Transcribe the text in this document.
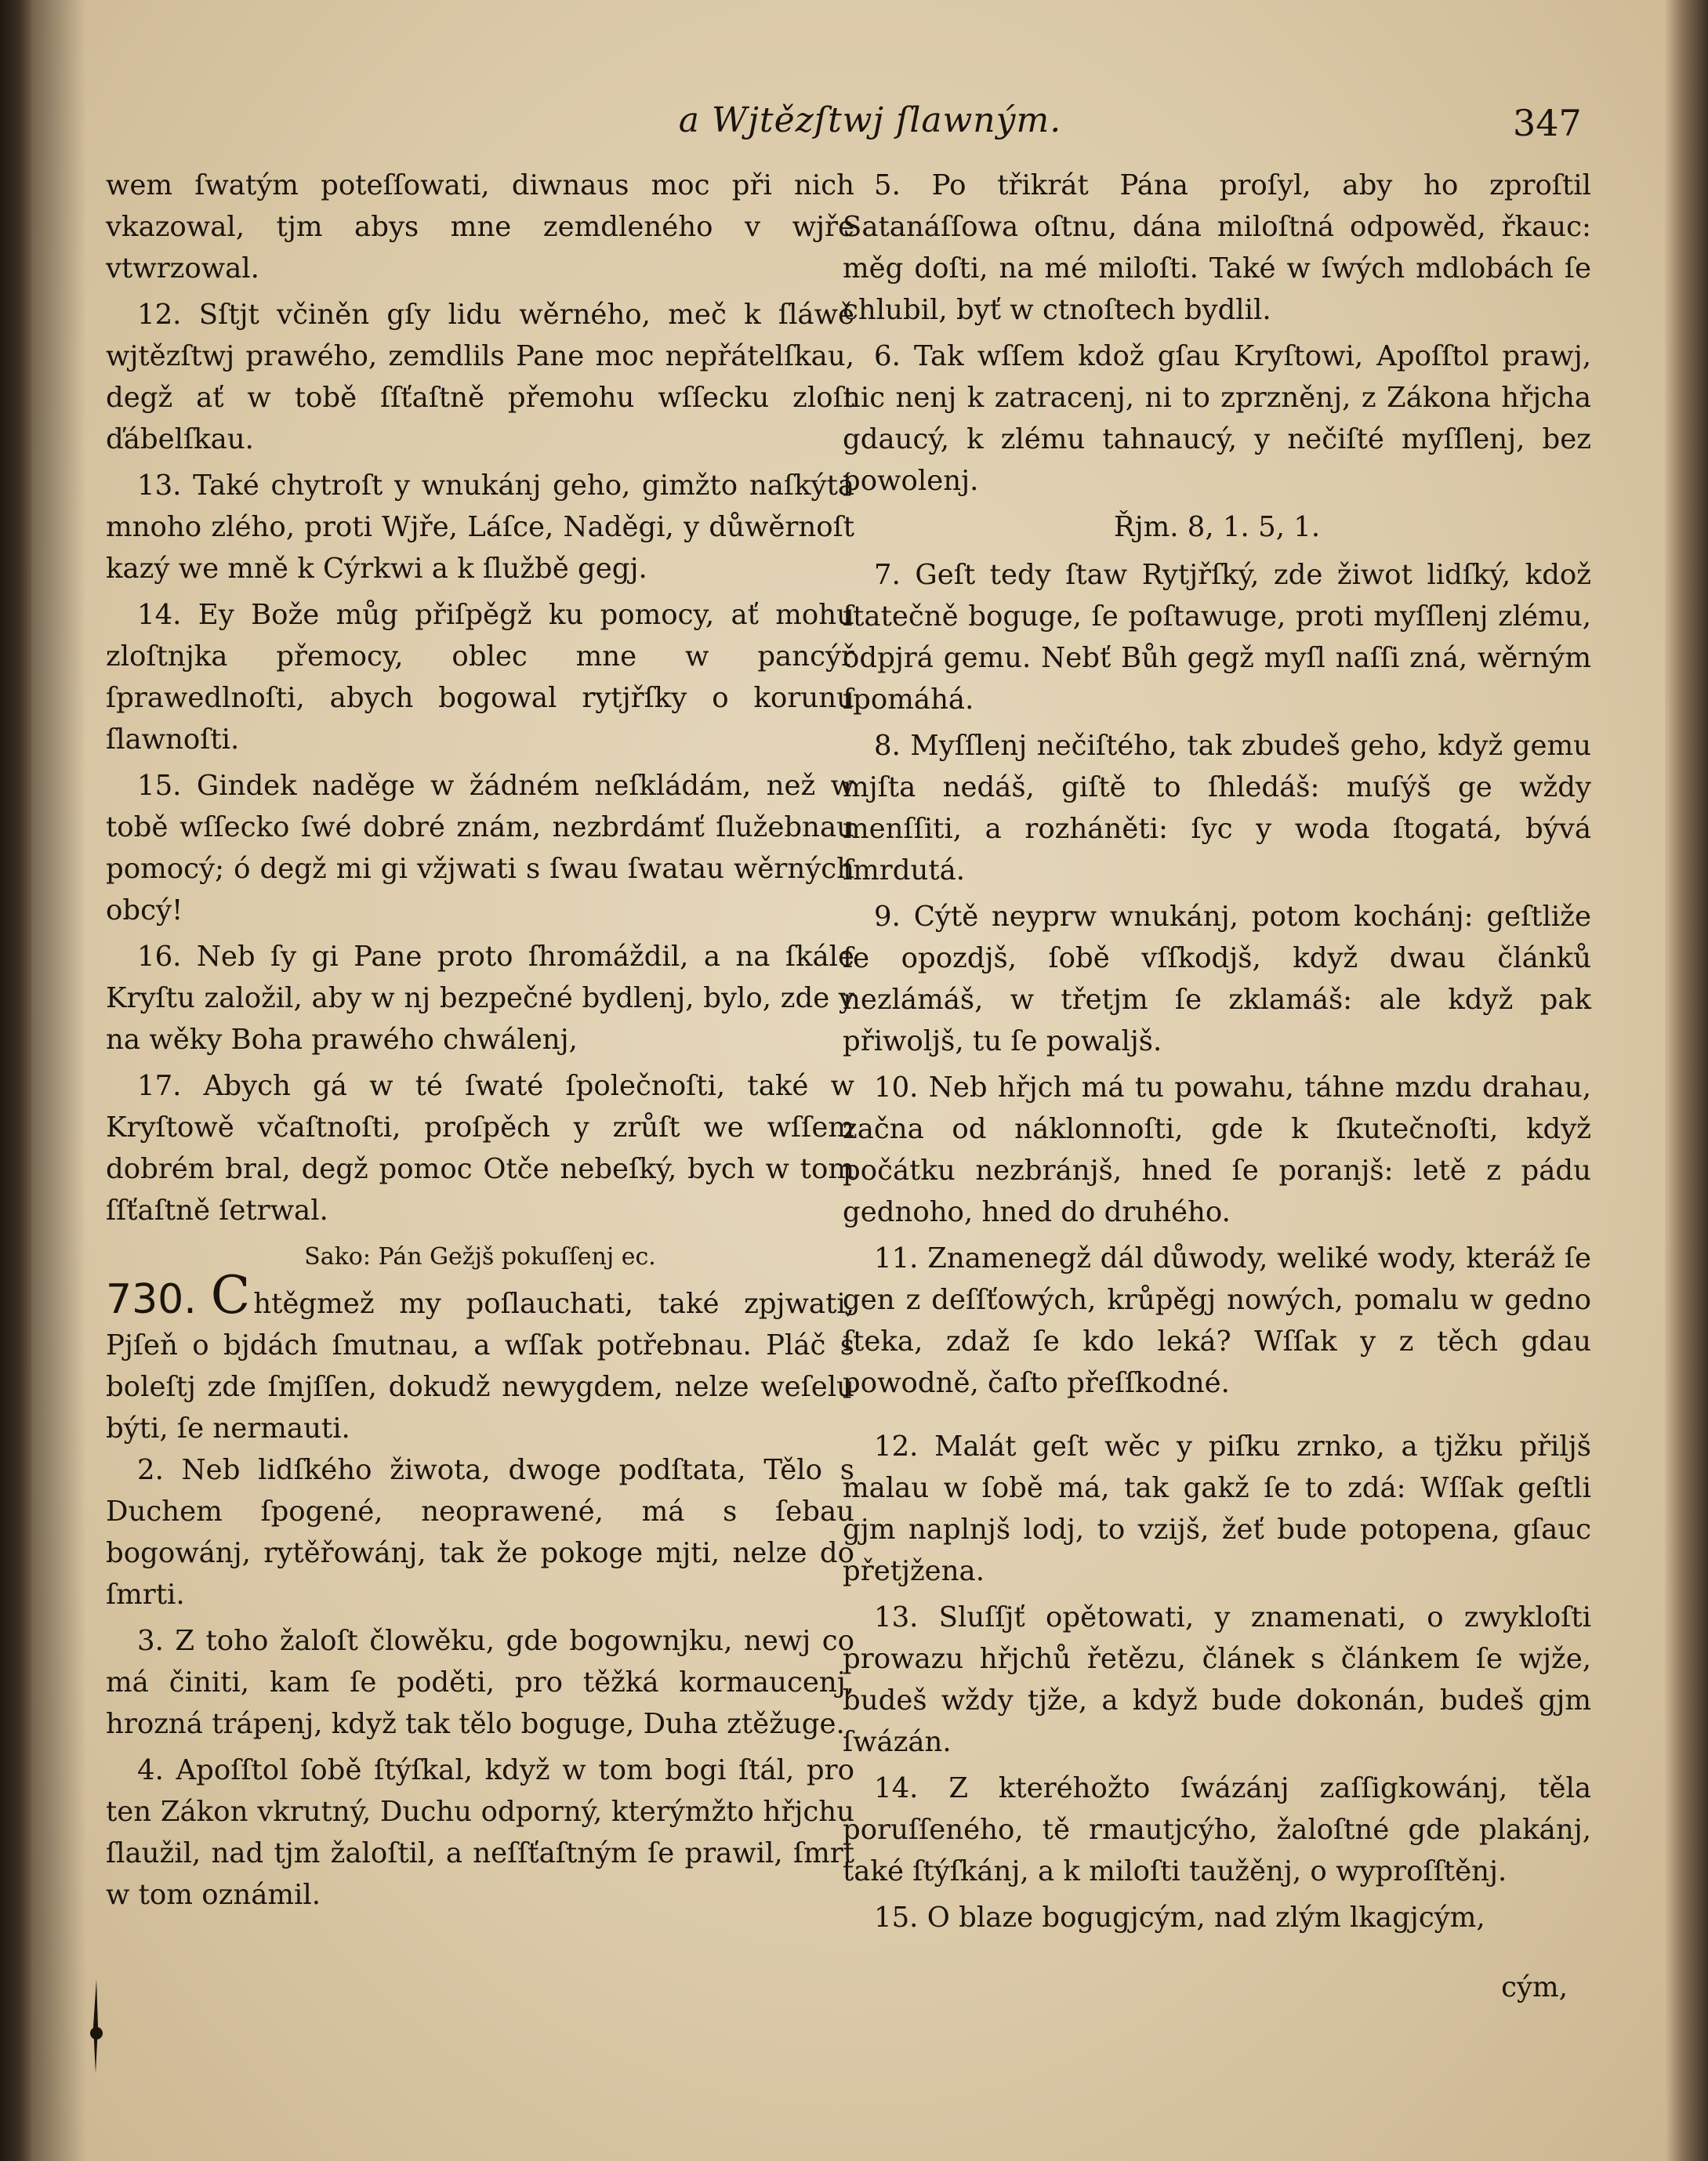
a Wjtězſtwj ſlawným.	347

wem ſwatým poteſſowati, diwnaus moc při nich vkazowal, tjm abys mne zemdleného v wjře vtwrzowal.

12. Sſtjt včiněn gſy lidu wěrného, meč k ſláwě wjtězſtwj prawého, zemdlils Pane moc nepřátelſkau, degž ať w tobě ſſťaſtně přemohu wſſecku zloſt ďábelſkau.

13. Také chytroſt y wnukánj geho, gimžto naſkýtá mnoho zlého, proti Wjře, Láſce, Naděgi, y důwěrnoſt kazý we mně k Cýrkwi a k ſlužbě gegj.

14. Ey Bože můg přiſpěgž ku pomocy, ať mohu zloſtnjka přemocy, oblec mne w pancýř ſprawedlnoſti, abych bogowal rytjřſky o korunu ſlawnoſti.

15. Gindek naděge w žádném neſkládám, než w tobě wſſecko ſwé dobré znám, nezbrdámť ſlužebnau pomocý; ó degž mi gi vžjwati s ſwau ſwatau wěrných obcý!

16. Neb ſy gi Pane proto ſhromáždil, a na ſkále Kryſtu založil, aby w nj bezpečné bydlenj, bylo, zde y na wěky Boha prawého chwálenj,

17. Abych gá w té ſwaté ſpolečnoſti, také w Kryſtowě včaſtnoſti, proſpěch y zrůſt we wſſem dobrém bral, degž pomoc Otče nebeſký, bych w tom ſſťaſtně ſetrwal.

Sakо: Pán Gežjš pokuſſenj ec.

730. C htěgmež my poſlauchati, také zpjwati, Pjſeň o bjdách ſmutnau, a wſſak potřebnau. Pláč s bolеſtj zde ſmjſſen, dokudž newygdem, nelze weſelu býti, ſe nermauti.

2. Neb lidſkého žiwota, dwoge podſtata, Tělo s Duchem ſpogené, neoprawené, má s ſebau bogowánj, rytěřowánj, tak že pokoge mjti, nelze do ſmrti.

3. Z toho žaloſt člowěku, gde bogownjku, newj co má činiti, kam ſe poděti, pro těžká kormaucenj, hrozná trápenj, když tak tělo boguge, Duha ztěžuge.

4. Apoſſtol ſobě ſtýſkal, když w tom bogi ſtál, pro ten Zákon vkrutný, Duchu odporný, kterýmžto hřjchu ſlaužil, nad tjm žaloſtil, a neſſťaſtným ſe prawil, ſmrt w tom oznámil.

5. Po třikrát Pána proſyl, aby ho zproſtil Satanáſſowa oſtnu, dána miloſtná odpowěd, řkauc: měg doſti, na mé miloſti. Také w ſwých mdlobách ſe chlubil, byť w ctnoſtech bydlil.

6. Tak wſſem kdož gſau Kryſtowi, Apoſſtol prawj, nic nenj k zatracenj, ni to zprzněnj, z Zákona hřjcha gdaucý, k zlému tahnaucý, y nečiſté myſſlenj, bez powolenj.

Řjm. 8, 1. 5, 1.

7. Geſt tedy ſtaw Rytjřſký, zde žiwot lidſký, kdož ſtatečně boguge, ſe poſtawuge, proti myſſlenj zlému, odpjrá gemu. Nebť Bůh gegž myſl naſſi zná, wěrným ſpomáhá.

8. Myſſlenj nečiſtého, tak zbudeš geho, když gemu mjſta nedáš, giſtě to ſhledáš: muſýš ge wždy menſſiti, a rozháněti: ſyc y woda ſtogatá, bývá ſmrdutá.

9. Cýtě neyprw wnukánj, potom kochánj: geſtliže ſe opozdjš, ſobě vſſkodjš, když dwau článků nezlámáš, w třetjm ſe zklamáš: ale když pak přiwoljš, tu ſe powaljš.

10. Neb hřjch má tu powahu, táhne mzdu drahau, začna od náklonnoſti, gde k ſkutečnoſti, když počátku nezbránjš, hned ſe poranjš: letě z pádu gednoho, hned do druhého.

11. Znamenegž dál důwody, weliké wody, kteráž ſe gen z deſſťowých, krůpěgj nowých, pomalu w gedno ſteka, zdaž ſe kdo leká? Wſſak y z těch gdau powodně, čaſto přeſſkodné.

12. Malát geſt wěc y piſku zrnko, a tjžku přiljš malau w ſobě má, tak gakž ſe to zdá: Wſſak geſtli gjm naplnjš lodj, to vzijš, žeť bude potopena, gſauc přetjžena.

13. Sluſſjť opětowati, y znamenati, o zwyklоſti prowazu hřjchů řetězu, článek s článkem ſe wjže, budeš wždy tjže, a když bude dokonán, budeš gjm ſwázán.

14. Z kteréhožto ſwázánj zaſſigkowánj, těla poruſſeného, tě rmautjcýho, žaloſtné gde plakánj, také ſtýſkánj, a k miloſti taužěnj, o wyproſſtěnj.

15. O blaze bogugjcým, nad zlým lkagjcým,

cým,
